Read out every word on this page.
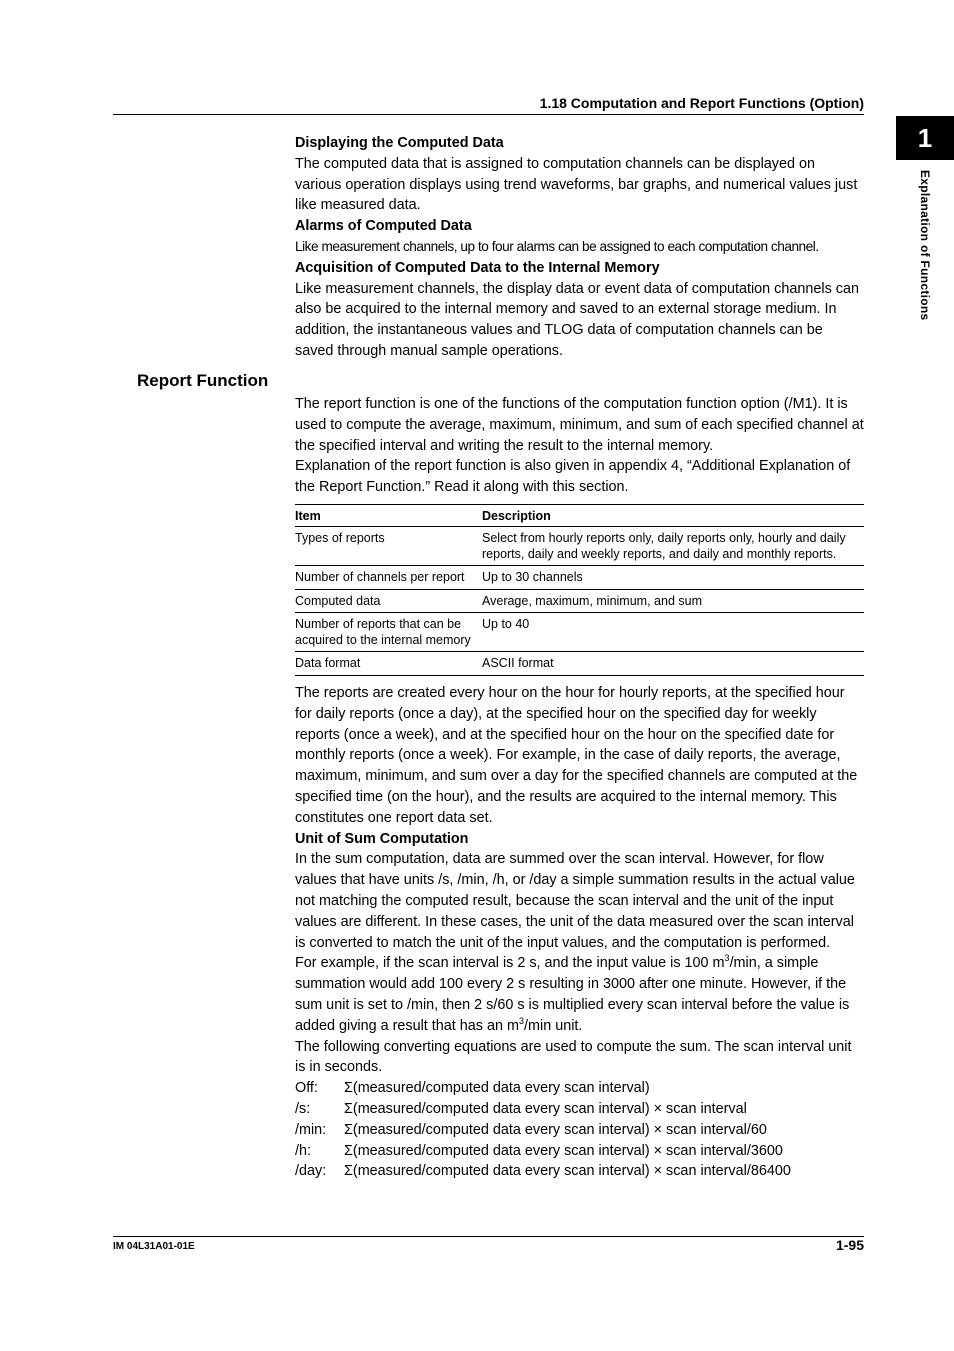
1.18 Computation and Report Functions (Option)
1
Explanation of Functions

Displaying the Computed Data

The computed data that is assigned to computation channels can be displayed on various operation displays using trend waveforms, bar graphs, and numerical values just like measured data.

Alarms of Computed Data

Like measurement channels, up to four alarms can be assigned to each computation channel.

Acquisition of Computed Data to the Internal Memory

Like measurement channels, the display data or event data of computation channels can also be acquired to the internal memory and saved to an external storage medium. In addition, the instantaneous values and TLOG data of computation channels can be saved through manual sample operations.

Report Function

The report function is one of the functions of the computation function option (/M1). It is used to compute the average, maximum, minimum, and sum of each specified channel at the specified interval and writing the result to the internal memory.

Explanation of the report function is also given in appendix 4, “Additional Explanation of the Report Function.” Read it along with this section.

Item	Description
Types of reports	Select from hourly reports only, daily reports only, hourly and daily reports, daily and weekly reports, and daily and monthly reports.
Number of channels per report	Up to 30 channels
Computed data	Average, maximum, minimum, and sum
Number of reports that can be acquired to the internal memory	Up to 40
Data format	ASCII format

The reports are created every hour on the hour for hourly reports, at the specified hour for daily reports (once a day), at the specified hour on the specified day for weekly reports (once a week), and at the specified hour on the hour on the specified date for monthly reports (once a week). For example, in the case of daily reports, the average, maximum, minimum, and sum over a day for the specified channels are computed at the specified time (on the hour), and the results are acquired to the internal memory. This constitutes one report data set.

Unit of Sum Computation

In the sum computation, data are summed over the scan interval. However, for flow values that have units /s, /min, /h, or /day a simple summation results in the actual value not matching the computed result, because the scan interval and the unit of the input values are different. In these cases, the unit of the data measured over the scan interval is converted to match the unit of the input values, and the computation is performed.

For example, if the scan interval is 2 s, and the input value is 100 $m^3/\min$, a simple summation would add 100 every 2 s resulting in 3000 after one minute. However, if the sum unit is set to /min, then 2 s/60 s is multiplied every scan interval before the value is added giving a result that has an $m^3/\min$ unit.

The following converting equations are used to compute the sum. The scan interval unit is in seconds.

Off:	Σ(measured/computed data every scan interval)
/s:	Σ(measured/computed data every scan interval) × scan interval
/min:	Σ(measured/computed data every scan interval) × scan interval/60
/h:	Σ(measured/computed data every scan interval) × scan interval/3600
/day:	Σ(measured/computed data every scan interval) × scan interval/86400
IM 04L31A01-01E	1-95
